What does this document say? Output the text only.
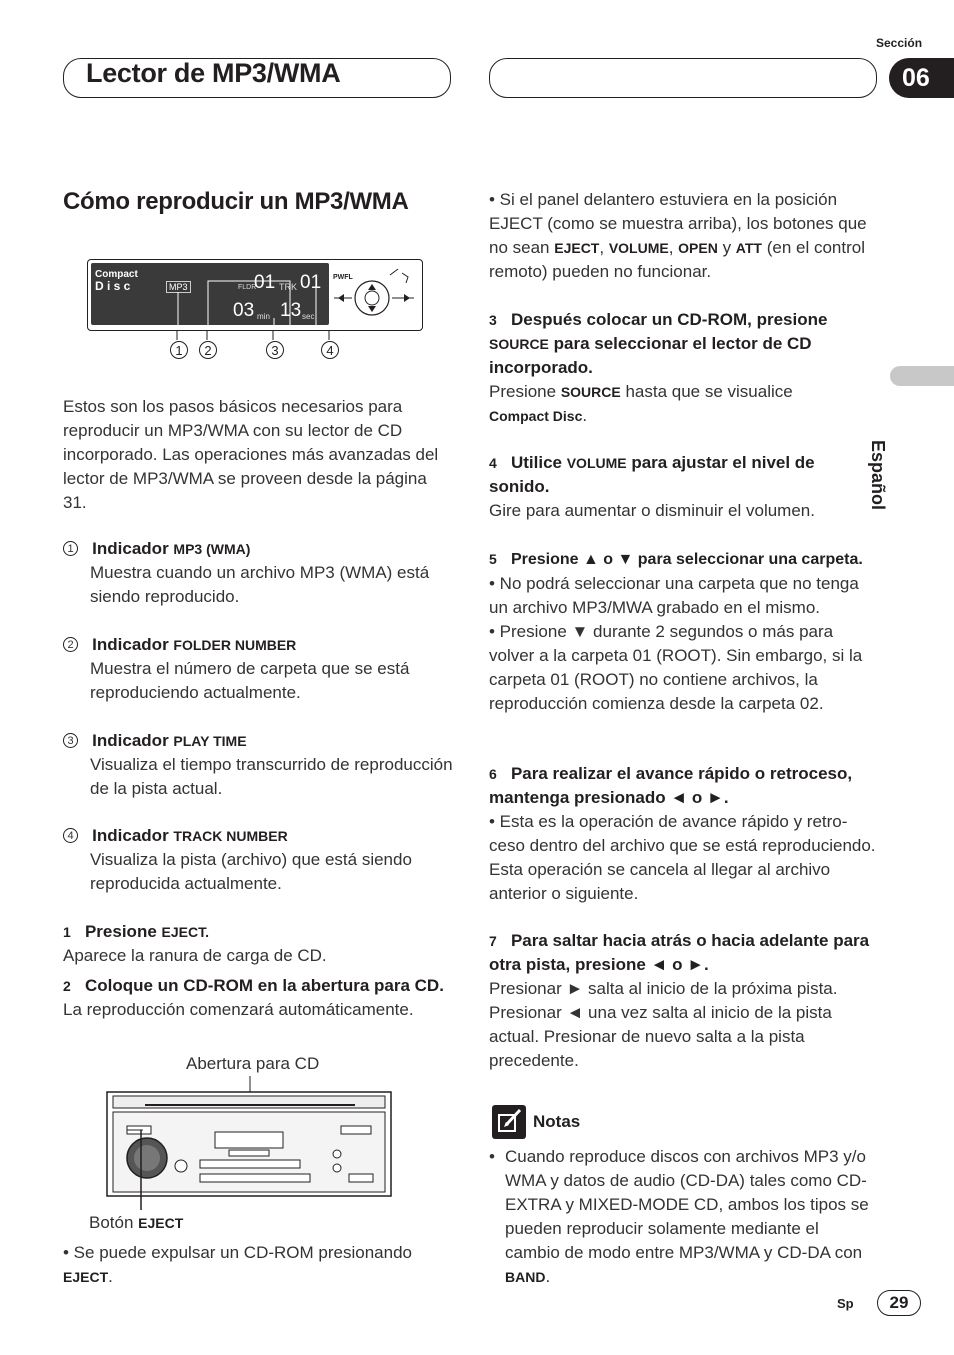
Lector de MP3/WMA
Sección
06
Español
Cómo reproducir un MP3/WMA
Compact
D i s c	MP3	FLDR
01 TRK 01
03 min 13 sec
PWFL
1	2	3	4

Estos son los pasos básicos necesarios para reproducir un MP3/WMA con su lector de CD incorporado. Las operaciones más avanzadas del lector de MP3/WMA se proveen desde la página 31.

1 Indicador MP3 (WMA)
Muestra cuando un archivo MP3 (WMA) está siendo reproducido.
2 Indicador FOLDER NUMBER
Muestra el número de carpeta que se está reproduciendo actualmente.
3 Indicador PLAY TIME
Visualiza el tiempo transcurrido de reproducción de la pista actual.
4 Indicador TRACK NUMBER
Visualiza la pista (archivo) que está siendo reproducida actualmente.
1 Presione EJECT.
Aparece la ranura de carga de CD.
2 Coloque un CD-ROM en la abertura para CD.
La reproducción comenzará automáticamente.
Abertura para CD
Botón EJECT
• Se puede expulsar un CD-ROM presionando
EJECT.
• Si el panel delantero estuviera en la posición EJECT (como se muestra arriba), los botones que no sean EJECT, VOLUME, OPEN y ATT (en el control remoto) pueden no funcionar.
3 Después colocar un CD-ROM, presione SOURCE para seleccionar el lector de CD incorporado.
Presione SOURCE hasta que se visualice
Compact Disc.
4 Utilice VOLUME para ajustar el nivel de sonido.
Gire para aumentar o disminuir el volumen.
5 Presione ▲ o ▼ para seleccionar una carpeta.
• No podrá seleccionar una carpeta que no tenga un archivo MP3/MWA grabado en el mismo.
• Presione ▼ durante 2 segundos o más para volver a la carpeta 01 (ROOT). Sin embargo, si la carpeta 01 (ROOT) no contiene archivos, la reproducción comienza desde la carpeta 02.
6 Para realizar el avance rápido o retroceso, mantenga presionado ◄ o ►.
• Esta es la operación de avance rápido y retro-ceso dentro del archivo que se está reproduciendo. Esta operación se cancela al llegar al archivo anterior o siguiente.
7 Para saltar hacia atrás o hacia adelante para otra pista, presione ◄ o ►.
Presionar ► salta al inicio de la próxima pista. Presionar ◄ una vez salta al inicio de la pista actual. Presionar de nuevo salta a la pista precedente.
Notas
• Cuando reproduce discos con archivos MP3 y/o WMA y datos de audio (CD-DA) tales como CD-EXTRA y MIXED-MODE CD, ambos los tipos se pueden reproducir solamente mediante el cambio de modo entre MP3/WMA y CD-DA con BAND.
Sp	29
